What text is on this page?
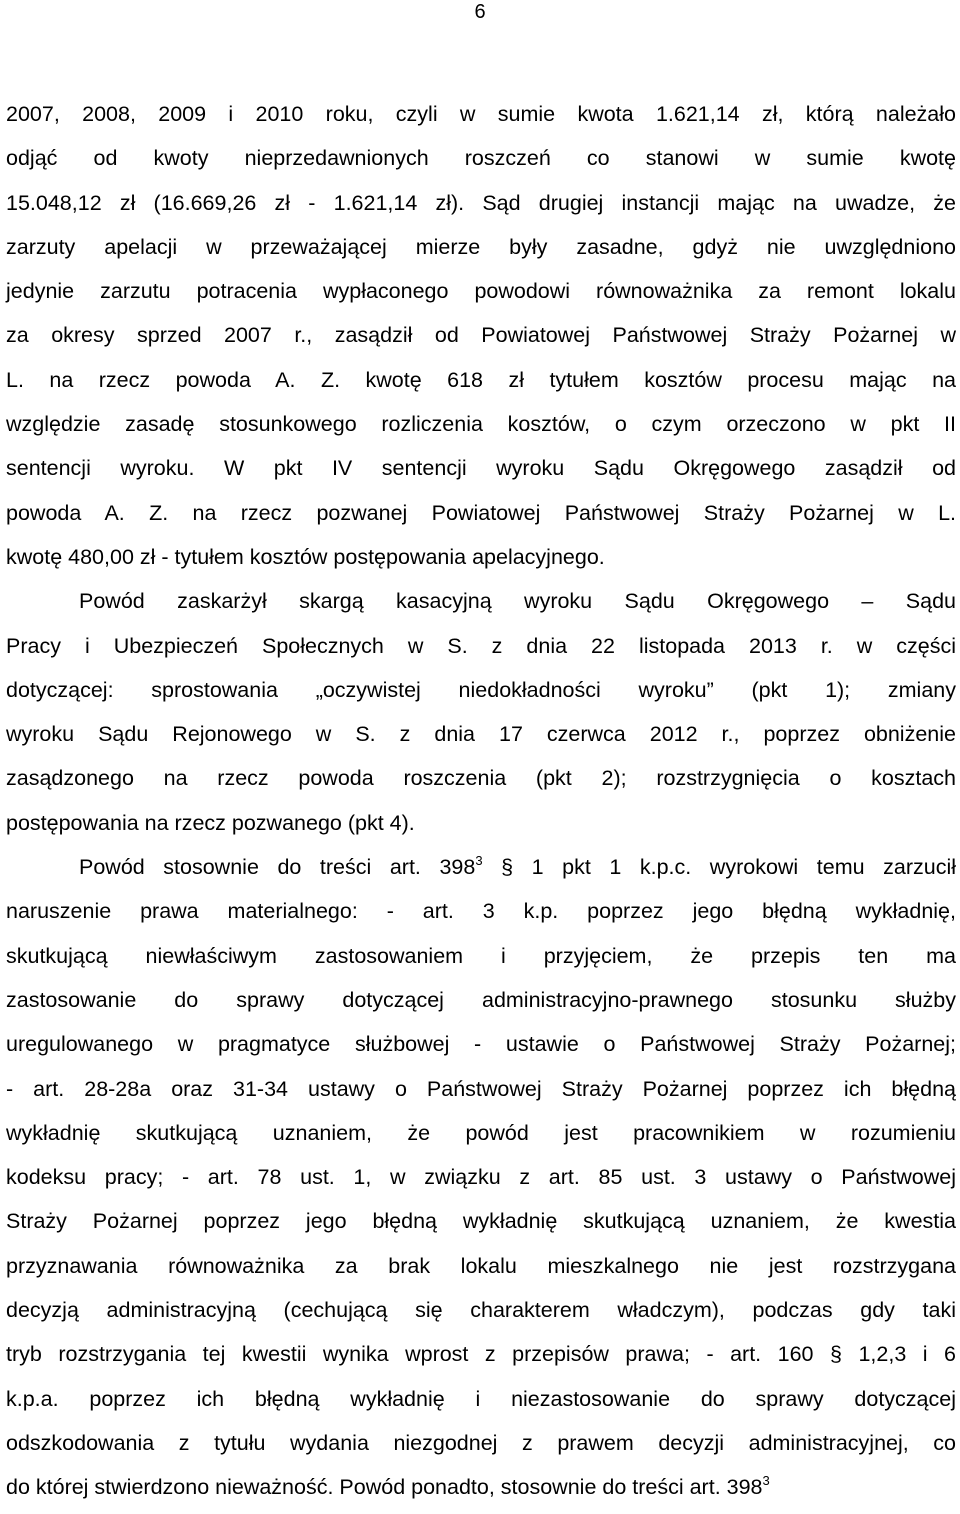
6
2007, 2008, 2009 i 2010 roku, czyli w sumie kwota 1.621,14 zł, którą należało
odjąć od kwoty nieprzedawnionych roszczeń co stanowi w sumie kwotę
15.048,12 zł (16.669,26 zł - 1.621,14 zł). Sąd drugiej instancji mając na uwadze, że
zarzuty apelacji w przeważającej mierze były zasadne, gdyż nie uwzględniono
jedynie zarzutu potracenia wypłaconego powodowi równoważnika za remont lokalu
za okresy sprzed 2007 r., zasądził od Powiatowej Państwowej Straży Pożarnej w
L. na rzecz powoda A. Z. kwotę 618 zł tytułem kosztów procesu mając na
względzie zasadę stosunkowego rozliczenia kosztów, o czym orzeczono w pkt II
sentencji wyroku. W pkt IV sentencji wyroku Sądu Okręgowego zasądził od
powoda A. Z. na rzecz pozwanej Powiatowej Państwowej Straży Pożarnej w L.
kwotę 480,00 zł - tytułem kosztów postępowania apelacyjnego.
Powód zaskarżył skargą kasacyjną wyroku Sądu Okręgowego – Sądu
Pracy i Ubezpieczeń Społecznych w S. z dnia 22 listopada 2013 r. w części
dotyczącej: sprostowania „oczywistej niedokładności wyroku” (pkt 1); zmiany
wyroku Sądu Rejonowego w S. z dnia 17 czerwca 2012 r., poprzez obniżenie
zasądzonego na rzecz powoda roszczenia (pkt 2); rozstrzygnięcia o kosztach
postępowania na rzecz pozwanego (pkt 4).
Powód stosownie do treści art. $398^3$ § 1 pkt 1 k.p.c. wyrokowi temu zarzucił
naruszenie prawa materialnego: - art. 3 k.p. poprzez jego błędną wykładnię,
skutkującą niewłaściwym zastosowaniem i przyjęciem, że przepis ten ma
zastosowanie do sprawy dotyczącej administracyjno-prawnego stosunku służby
uregulowanego w pragmatyce służbowej - ustawie o Państwowej Straży Pożarnej;
- art. 28-28a oraz 31-34 ustawy o Państwowej Straży Pożarnej poprzez ich błędną
wykładnię skutkującą uznaniem, że powód jest pracownikiem w rozumieniu
kodeksu pracy; - art. 78 ust. 1, w związku z art. 85 ust. 3 ustawy o Państwowej
Straży Pożarnej poprzez jego błędną wykładnię skutkującą uznaniem, że kwestia
przyznawania równoważnika za brak lokalu mieszkalnego nie jest rozstrzygana
decyzją administracyjną (cechującą się charakterem władczym), podczas gdy taki
tryb rozstrzygania tej kwestii wynika wprost z przepisów prawa; - art. 160 § 1,2,3 i 6
k.p.a. poprzez ich błędną wykładnię i niezastosowanie do sprawy dotyczącej
odszkodowania z tytułu wydania niezgodnej z prawem decyzji administracyjnej, co
do której stwierdzono nieważność. Powód ponadto, stosownie do treści art. $398^3$
